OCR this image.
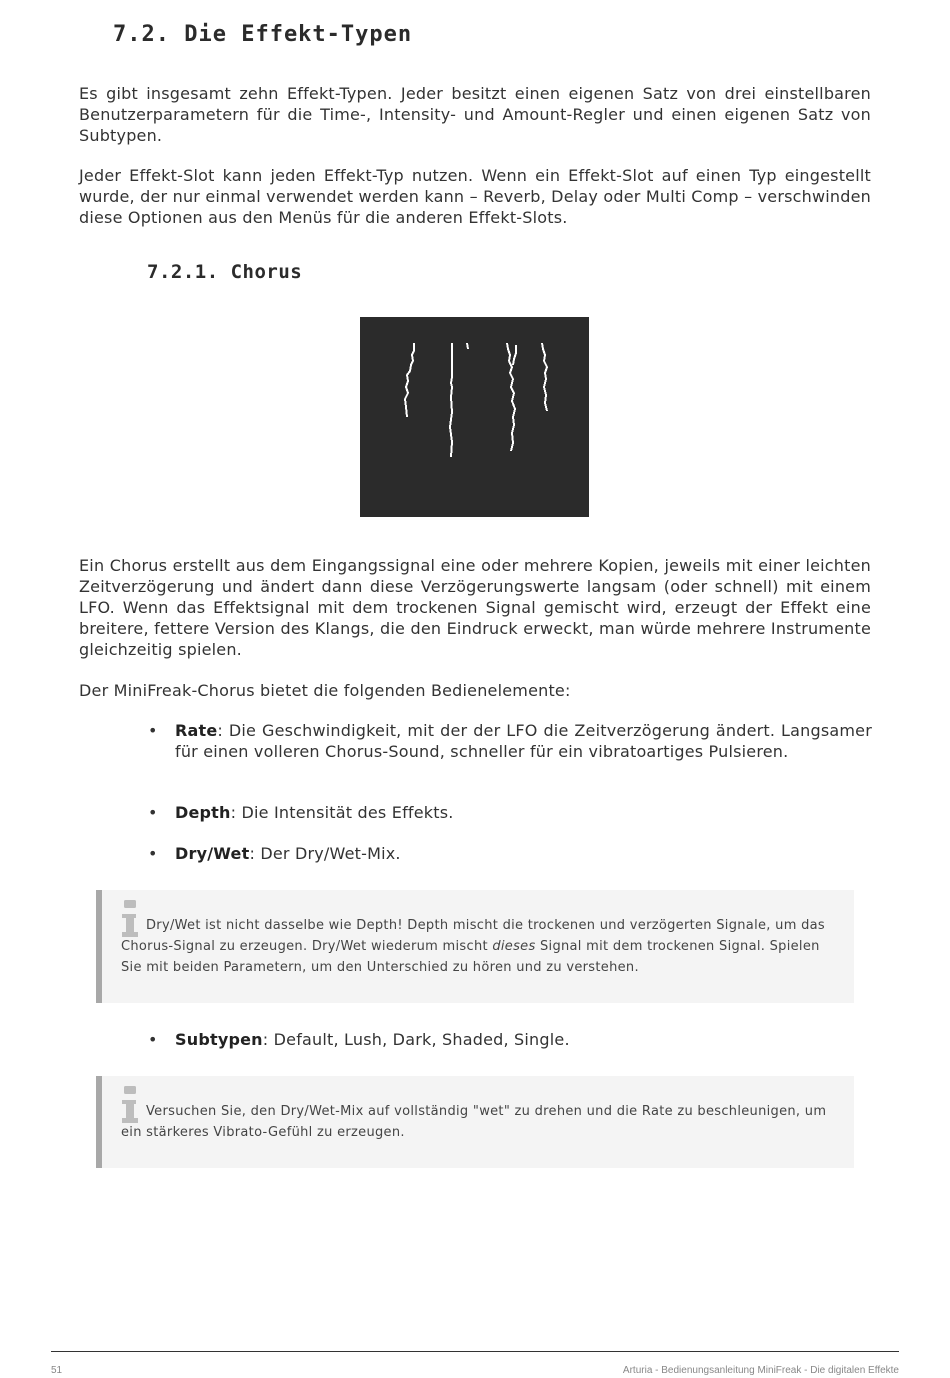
7.2. Die Effekt-Typen

Es gibt insgesamt zehn Effekt-Typen. Jeder besitzt einen eigenen Satz von drei einstellbaren Benutzerparametern für die Time-, Intensity- und Amount-Regler und einen eigenen Satz von Subtypen.

Jeder Effekt-Slot kann jeden Effekt-Typ nutzen. Wenn ein Effekt-Slot auf einen Typ eingestellt wurde, der nur einmal verwendet werden kann – Reverb, Delay oder Multi Comp – verschwinden diese Optionen aus den Menüs für die anderen Effekt-Slots.

7.2.1. Chorus

Ein Chorus erstellt aus dem Eingangssignal eine oder mehrere Kopien, jeweils mit einer leichten Zeitverzögerung und ändert dann diese Verzögerungswerte langsam (oder schnell) mit einem LFO. Wenn das Effektsignal mit dem trockenen Signal gemischt wird, erzeugt der Effekt eine breitere, fettere Version des Klangs, die den Eindruck erweckt, man würde mehrere Instrumente gleichzeitig spielen.

Der MiniFreak-Chorus bietet die folgenden Bedienelemente:

• Rate: Die Geschwindigkeit, mit der der LFO die Zeitverzögerung ändert. Langsamer für einen volleren Chorus-Sound, schneller für ein vibratoartiges Pulsieren.
• Depth: Die Intensität des Effekts.
• Dry/Wet: Der Dry/Wet-Mix.
Dry/Wet ist nicht dasselbe wie Depth! Depth mischt die trockenen und verzögerten Signale, um das Chorus-Signal zu erzeugen. Dry/Wet wiederum mischt dieses Signal mit dem trockenen Signal. Spielen Sie mit beiden Parametern, um den Unterschied zu hören und zu verstehen.
• Subtypen: Default, Lush, Dark, Shaded, Single.
Versuchen Sie, den Dry/Wet-Mix auf vollständig "wet" zu drehen und die Rate zu beschleunigen, um ein stärkeres Vibrato-Gefühl zu erzeugen.
51	Arturia - Bedienungsanleitung MiniFreak - Die digitalen Effekte
